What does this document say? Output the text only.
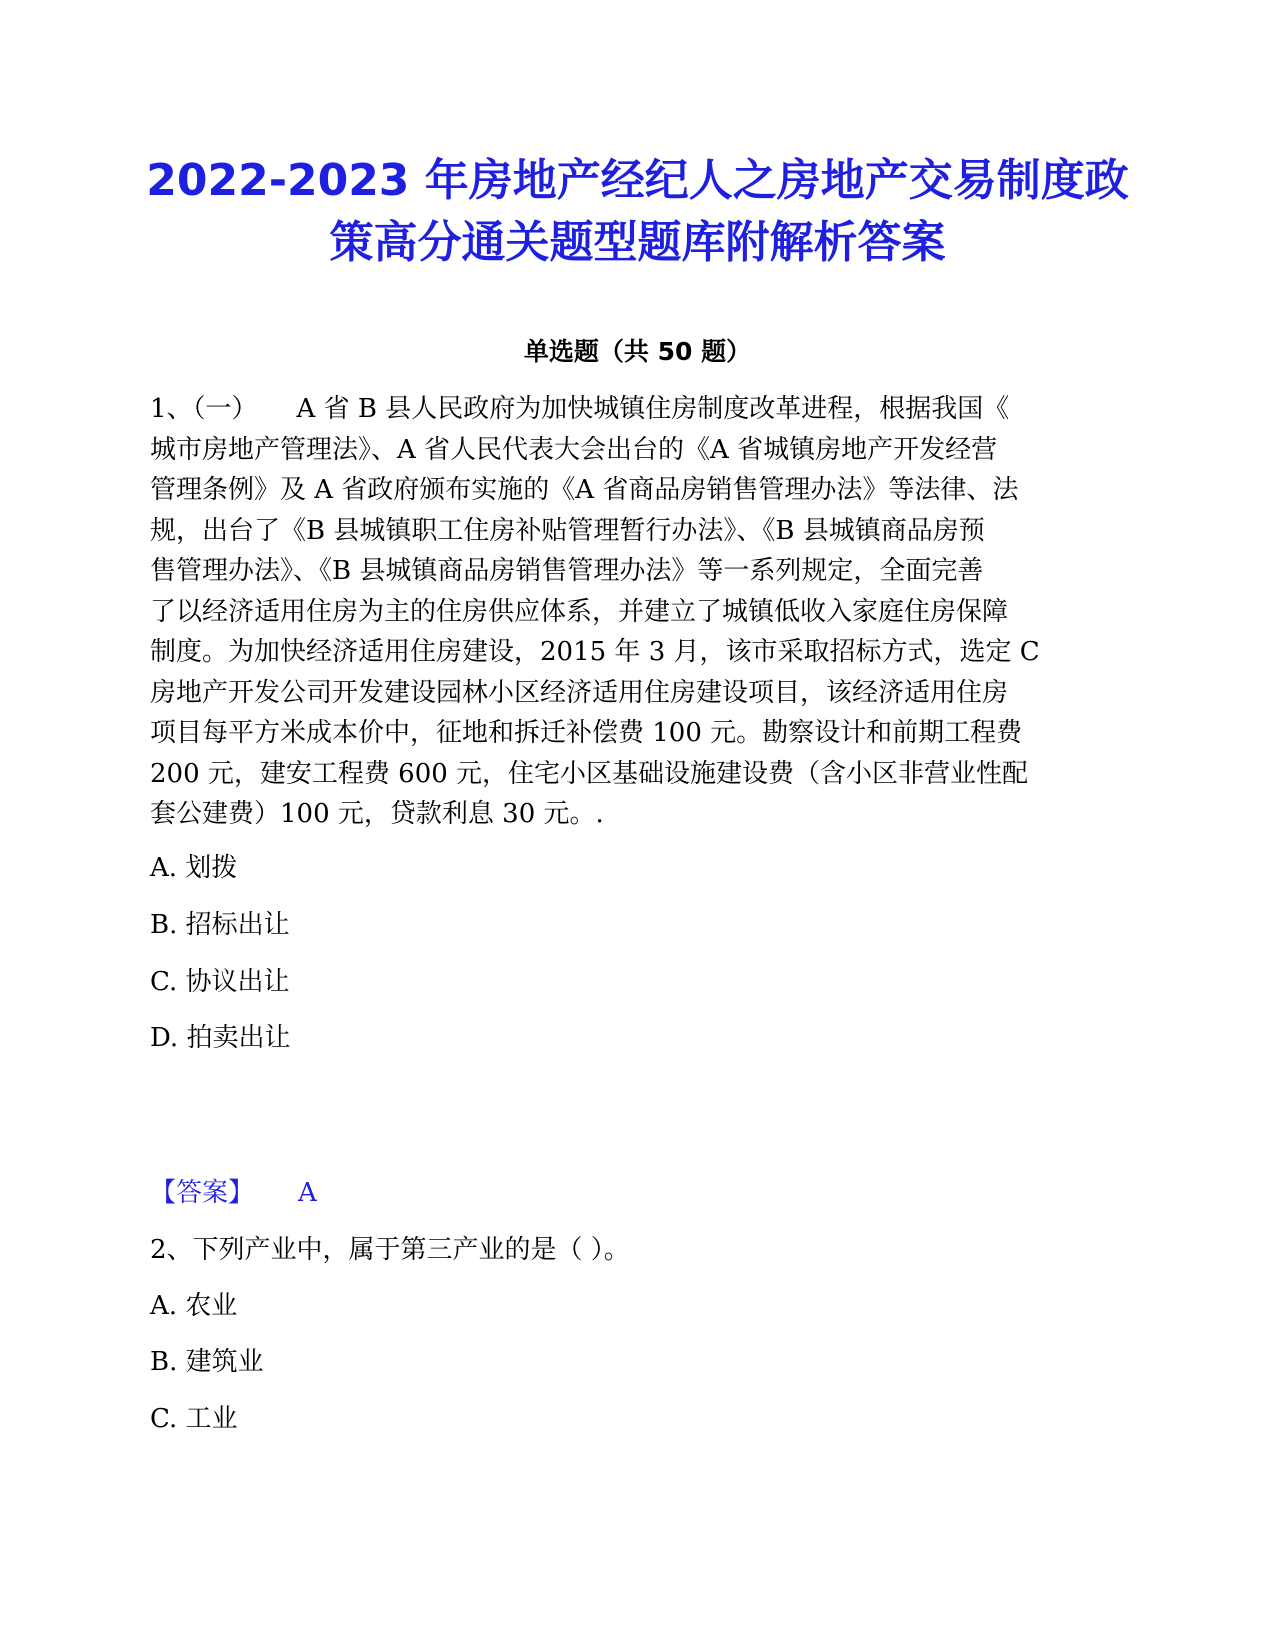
2022-2023 年房地产经纪人之房地产交易制度政策高分通关题型题库附解析答案
单选题（共 50 题）
1、（一）　　A 省 B 县人民政府为加快城镇住房制度改革进程，根据我国《
城市房地产管理法》、A 省人民代表大会出台的《A 省城镇房地产开发经营
管理条例》及 A 省政府颁布实施的《A 省商品房销售管理办法》等法律、法
规，出台了《B 县城镇职工住房补贴管理暂行办法》、《B 县城镇商品房预
售管理办法》、《B 县城镇商品房销售管理办法》等一系列规定，全面完善
了以经济适用住房为主的住房供应体系，并建立了城镇低收入家庭住房保障
制度。为加快经济适用住房建设，2015 年 3 月，该市采取招标方式，选定 C
房地产开发公司开发建设园林小区经济适用住房建设项目，该经济适用住房
项目每平方米成本价中，征地和拆迁补偿费 100 元。勘察设计和前期工程费
200 元，建安工程费 600 元，住宅小区基础设施建设费（含小区非营业性配
套公建费）100 元，贷款利息 30 元。.

A. 划拨

B. 招标出让

C. 协议出让

D. 拍卖出让

【答案】 A

2、下列产业中，属于第三产业的是（ ）。

A. 农业

B. 建筑业

C. 工业
